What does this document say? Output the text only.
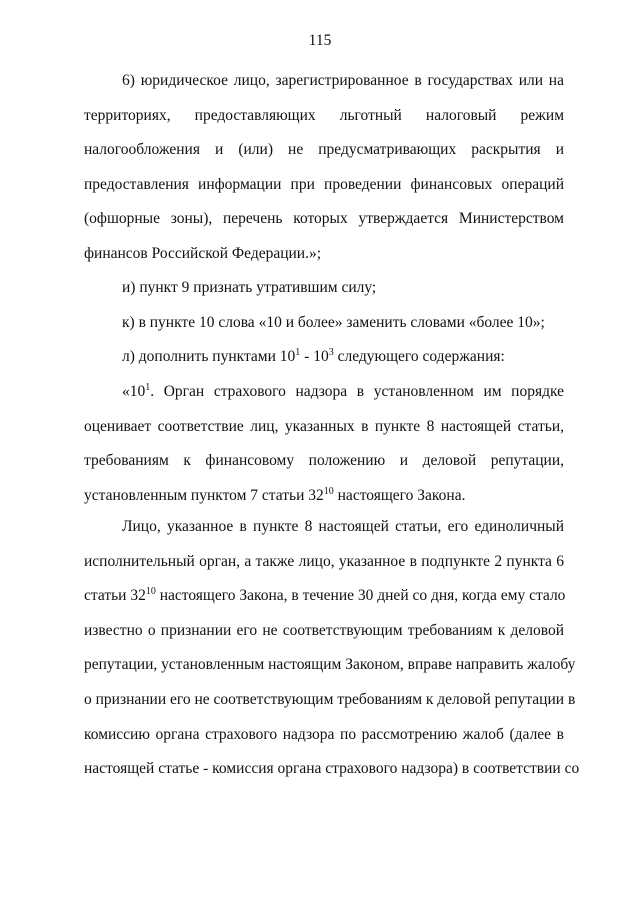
115
6) юридическое лицо, зарегистрированное в государствах или на
территориях, предоставляющих льготный налоговый режим
налогообложения и (или) не предусматривающих раскрытия и
предоставления информации при проведении финансовых операций
(офшорные зоны), перечень которых утверждается Министерством
финансов Российской Федерации.»;
и) пункт 9 признать утратившим силу;
к) в пункте 10 слова «10 и более» заменить словами «более 10»;
л) дополнить пунктами $10^1 - 10^3$ следующего содержания:
«$10^1$. Орган страхового надзора в установленном им порядке
оценивает соответствие лиц, указанных в пункте 8 настоящей статьи,
требованиям к финансовому положению и деловой репутации,
установленным пунктом 7 статьи $32^{10}$ настоящего Закона.
Лицо, указанное в пункте 8 настоящей статьи, его единоличный
исполнительный орган, а также лицо, указанное в подпункте 2 пункта 6
статьи $32^{10}$ настоящего Закона, в течение 30 дней со дня, когда ему стало
известно о признании его не соответствующим требованиям к деловой
репутации, установленным настоящим Законом, вправе направить жалобу
о признании его не соответствующим требованиям к деловой репутации в
комиссию органа страхового надзора по рассмотрению жалоб (далее в
настоящей статье - комиссия органа страхового надзора) в соответствии со
